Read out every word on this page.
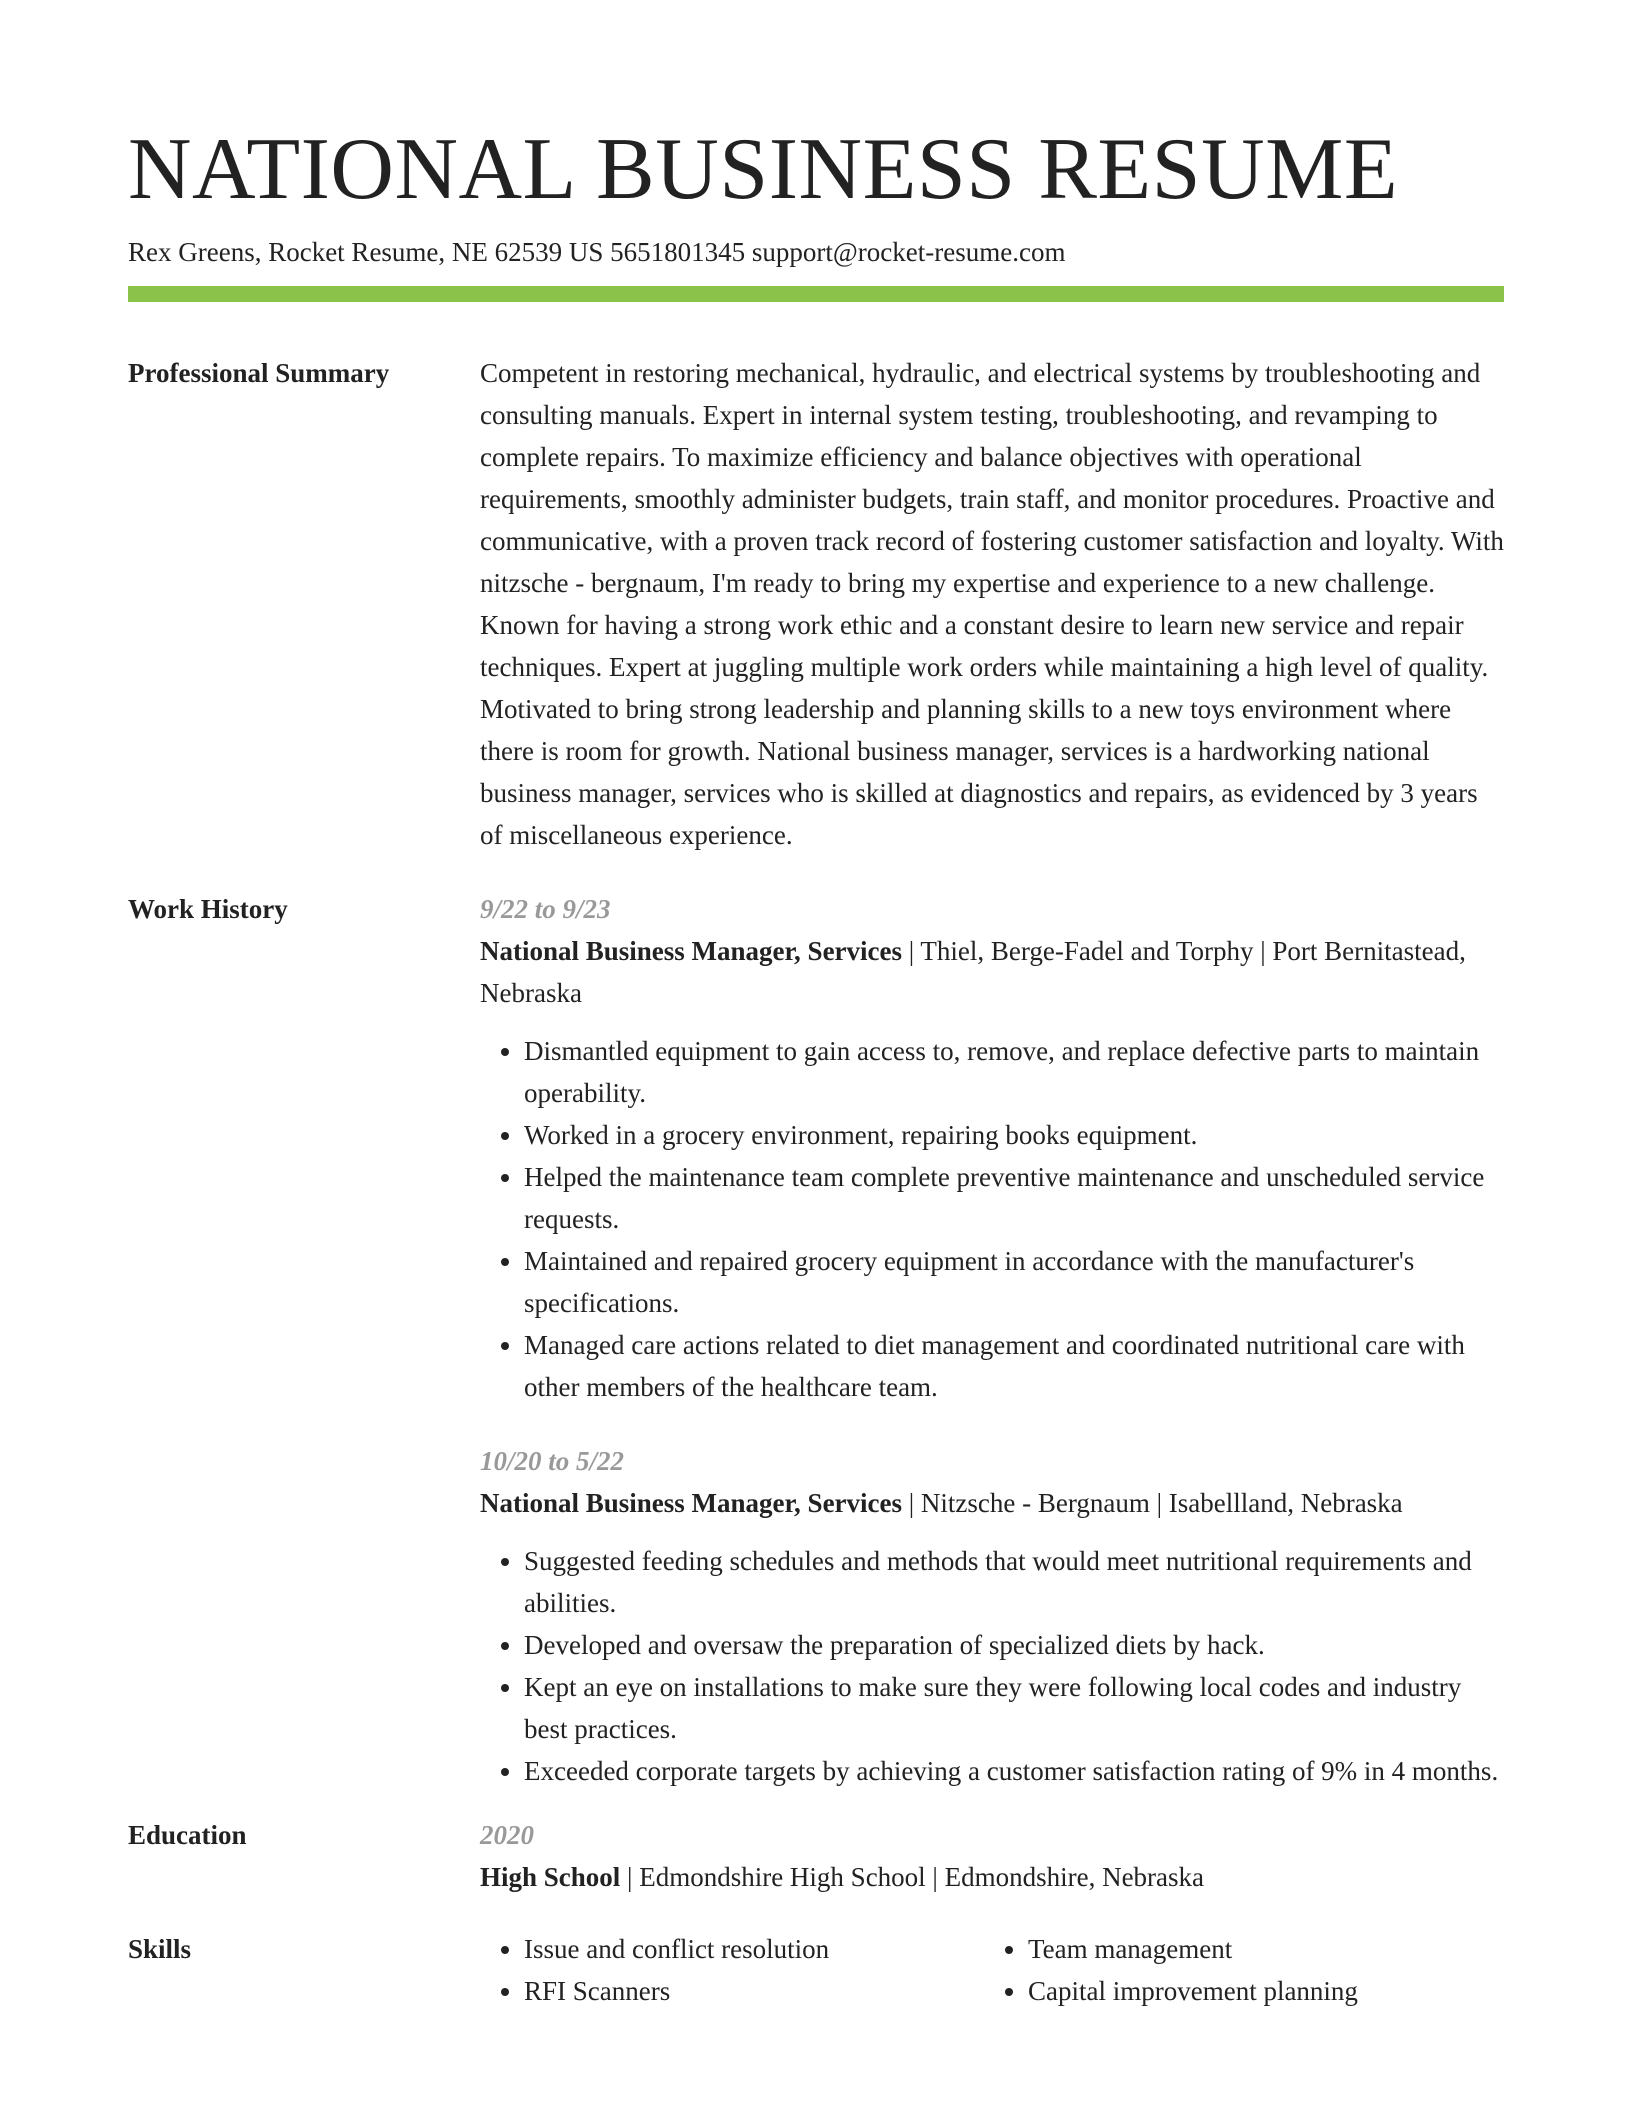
NATIONAL BUSINESS RESUME
Rex Greens, Rocket Resume, NE 62539 US 5651801345 support@rocket-resume.com
Professional Summary	Competent in restoring mechanical, hydraulic, and electrical systems by troubleshooting and consulting manuals. Expert in internal system testing, troubleshooting, and revamping to complete repairs. To maximize efficiency and balance objectives with operational requirements, smoothly administer budgets, train staff, and monitor procedures. Proactive and communicative, with a proven track record of fostering customer satisfaction and loyalty. With nitzsche - bergnaum, I'm ready to bring my expertise and experience to a new challenge. Known for having a strong work ethic and a constant desire to learn new service and repair techniques. Expert at juggling multiple work orders while maintaining a high level of quality. Motivated to bring strong leadership and planning skills to a new toys environment where there is room for growth. National business manager, services is a hardworking national business manager, services who is skilled at diagnostics and repairs, as evidenced by 3 years of miscellaneous experience.
Work History	9/22 to 9/23
National Business Manager, Services | Thiel, Berge-Fadel and Torphy | Port Bernitastead, Nebraska
• Dismantled equipment to gain access to, remove, and replace defective parts to maintain operability.
• Worked in a grocery environment, repairing books equipment.
• Helped the maintenance team complete preventive maintenance and unscheduled service requests.
• Maintained and repaired grocery equipment in accordance with the manufacturer's specifications.
• Managed care actions related to diet management and coordinated nutritional care with other members of the healthcare team.
10/20 to 5/22
National Business Manager, Services | Nitzsche - Bergnaum | Isabellland, Nebraska
• Suggested feeding schedules and methods that would meet nutritional requirements and abilities.
• Developed and oversaw the preparation of specialized diets by hack.
• Kept an eye on installations to make sure they were following local codes and industry best practices.
• Exceeded corporate targets by achieving a customer satisfaction rating of 9% in 4 months.
Education	2020
High School | Edmondshire High School | Edmondshire, Nebraska
Skills
•	Issue and conflict resolution
• RFI Scanners
• Team management
• Capital improvement planning
